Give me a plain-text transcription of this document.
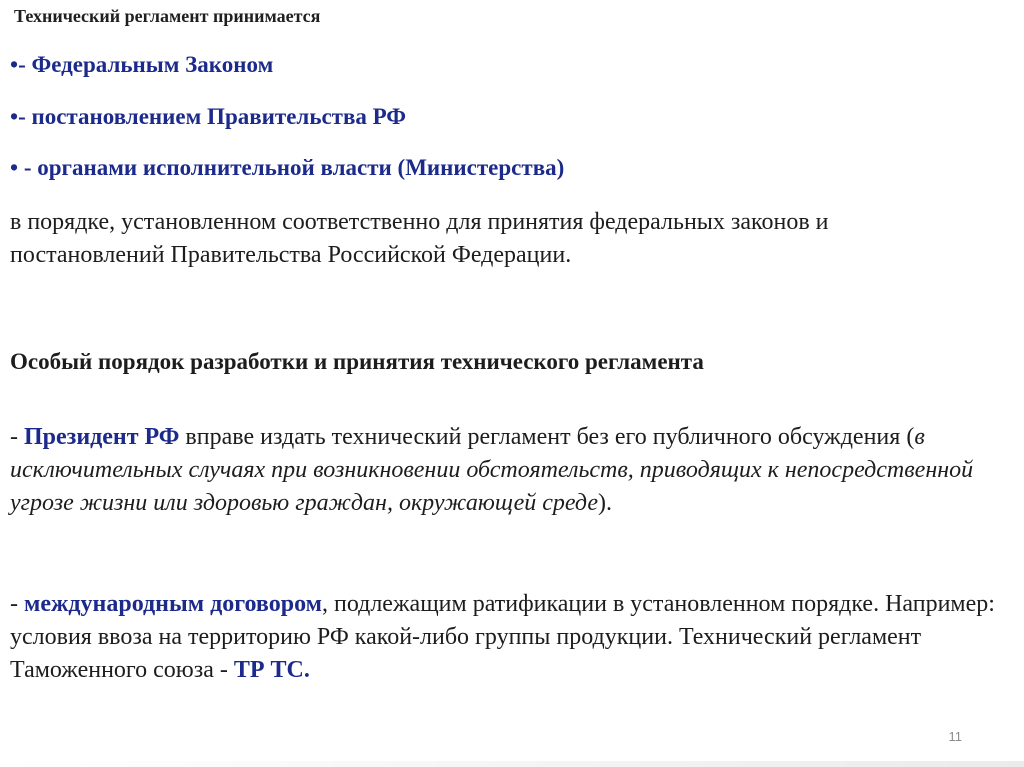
Технический регламент принимается
•- Федеральным Законом
•- постановлением Правительства РФ
• - органами исполнительной власти (Министерства)
в порядке, установленном соответственно для принятия федеральных законов и постановлений Правительства Российской Федерации.
Особый порядок разработки и принятия технического регламента
- Президент РФ вправе издать технический регламент без его публичного обсуждения (в исключительных случаях при возникновении обстоятельств, приводящих к непосредственной угрозе жизни или здоровью граждан, окружающей среде).
- международным договором, подлежащим ратификации в установленном порядке. Например: условия ввоза на территорию РФ какой-либо группы продукции. Технический регламент Таможенного союза - ТР ТС.
11
